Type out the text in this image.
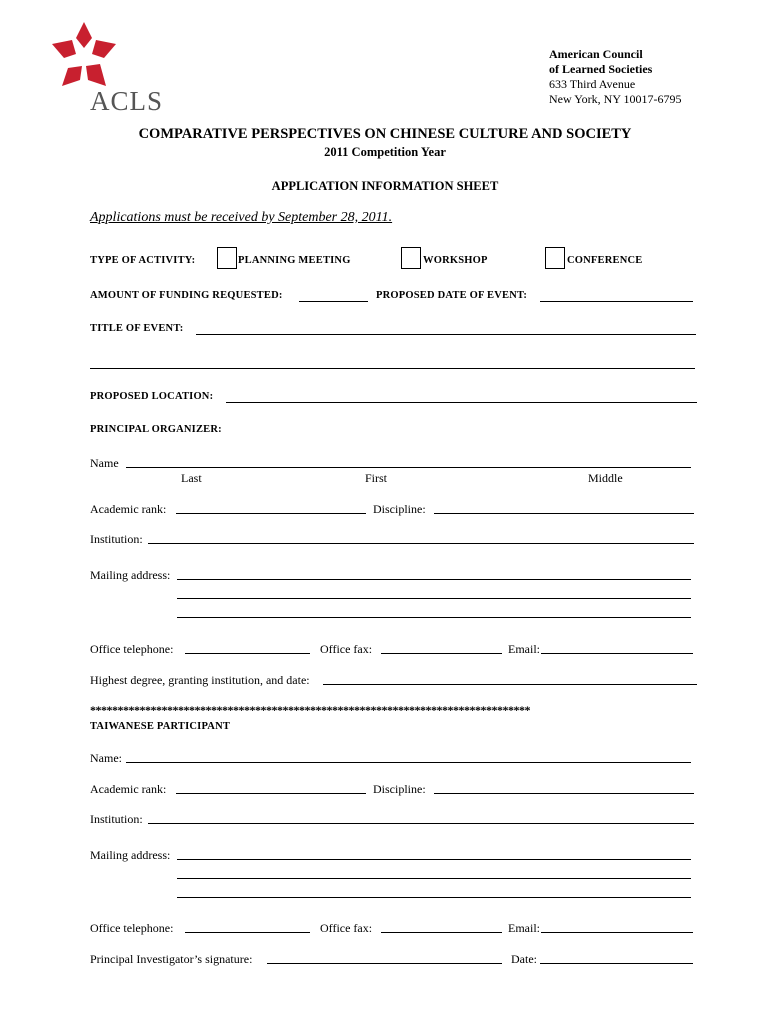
ACLS
American Council
of Learned Societies
633 Third Avenue
New York, NY 10017-6795
COMPARATIVE PERSPECTIVES ON CHINESE CULTURE AND SOCIETY
2011 Competition Year
APPLICATION INFORMATION SHEET
Applications must be received by September 28, 2011.
TYPE OF ACTIVITY:	PLANNING MEETING	WORKSHOP	CONFERENCE
AMOUNT OF FUNDING REQUESTED:	PROPOSED DATE OF EVENT:
TITLE OF EVENT:
PROPOSED LOCATION:
PRINCIPAL ORGANIZER:
Name
Last	First	Middle
Academic rank:	Discipline:
Institution:
Mailing address:
Office telephone:	Office fax:	Email:
Highest degree, granting institution, and date:
********************************************************************************
TAIWANESE PARTICIPANT
Name:
Academic rank:	Discipline:
Institution:
Mailing address:
Office telephone:	Office fax:	Email:
Principal Investigator’s signature:	Date:
